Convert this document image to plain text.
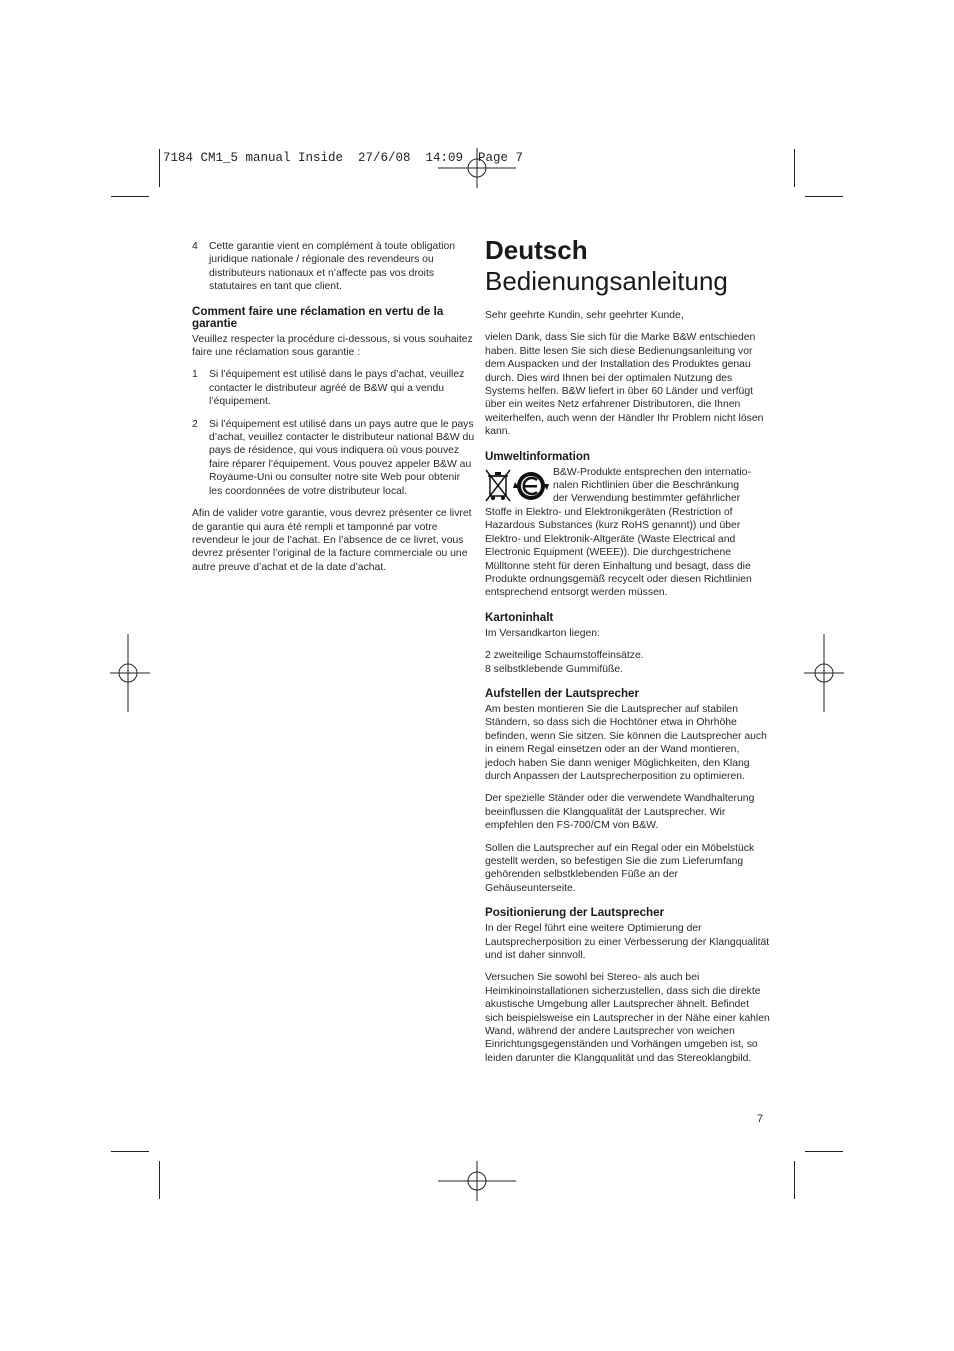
7184 CM1_5 manual Inside  27/6/08  14:09  Page 7
4 Cette garantie vient en complément à toute obligation juridique nationale / régionale des revendeurs ou distributeurs nationaux et n’affecte pas vos droits statutaires en tant que client.
Comment faire une réclamation en vertu de la garantie

Veuillez respecter la procédure ci-dessous, si vous souhaitez faire une réclamation sous garantie :

1 Si l’équipement est utilisé dans le pays d’achat, veuillez contacter le distributeur agréé de B&W qui a vendu l’équipement.
2 Si l’équipement est utilisé dans un pays autre que le pays d’achat, veuillez contacter le distributeur national B&W du pays de résidence, qui vous indiquera où vous pouvez faire réparer l’équipement. Vous pouvez appeler B&W au Royaume-Uni ou consulter notre site Web pour obtenir les coordonnées de votre distributeur local.

Afin de valider votre garantie, vous devrez présenter ce livret de garantie qui aura été rempli et tamponné par votre revendeur le jour de l’achat. En l’absence de ce livret, vous devrez présenter l’original de la facture commerciale ou une autre preuve d’achat et de la date d’achat.

Deutsch
Bedienungsanleitung

Sehr geehrte Kundin, sehr geehrter Kunde,

vielen Dank, dass Sie sich für die Marke B&W entschieden haben. Bitte lesen Sie sich diese Bedienungsanleitung vor dem Auspacken und der Installation des Produktes genau durch. Dies wird Ihnen bei der optimalen Nutzung des Systems helfen. B&W liefert in über 60 Länder und verfügt über ein weites Netz erfahrener Distributoren, die Ihnen weiterhelfen, auch wenn der Händler Ihr Problem nicht lösen kann.

Umweltinformation
B&W-Produkte entsprechen den internatio-
nalen Richtlinien über die Beschränkung
der Verwendung bestimmter gefährlicher

Stoffe in Elektro- und Elektronikgeräten (Restriction of Hazardous Substances (kurz RoHS genannt)) und über Elektro- und Elektronik-Altgeräte (Waste Electrical and Electronic Equipment (WEEE)). Die durchgestrichene Mülltonne steht für deren Einhaltung und besagt, dass die Produkte ordnungsgemäß recycelt oder diesen Richtlinien entsprechend entsorgt werden müssen.

Kartoninhalt

Im Versandkarton liegen:

2 zweiteilige Schaumstoffeinsätze.
8 selbstklebende Gummifüße.

Aufstellen der Lautsprecher

Am besten montieren Sie die Lautsprecher auf stabilen Ständern, so dass sich die Hochtöner etwa in Ohrhöhe befinden, wenn Sie sitzen. Sie können die Lautsprecher auch in einem Regal einsetzen oder an der Wand montieren, jedoch haben Sie dann weniger Möglichkeiten, den Klang durch Anpassen der Lautsprecherposition zu optimieren.

Der spezielle Ständer oder die verwendete Wandhalterung beeinflussen die Klangqualität der Lautsprecher. Wir empfehlen den FS-700/CM von B&W.

Sollen die Lautsprecher auf ein Regal oder ein Möbelstück gestellt werden, so befestigen Sie die zum Lieferumfang gehörenden selbstklebenden Füße an der Gehäuseunterseite.

Positionierung der Lautsprecher

In der Regel führt eine weitere Optimierung der Lautsprecherposition zu einer Verbesserung der Klangqualität und ist daher sinnvoll.

Versuchen Sie sowohl bei Stereo- als auch bei Heimkinoinstallationen sicherzustellen, dass sich die direkte akustische Umgebung aller Lautsprecher ähnelt. Befindet sich beispielsweise ein Lautsprecher in der Nähe einer kahlen Wand, während der andere Lautsprecher von weichen Einrichtungsgegenständen und Vorhängen umgeben ist, so leiden darunter die Klangqualität und das Stereoklangbild.

7
